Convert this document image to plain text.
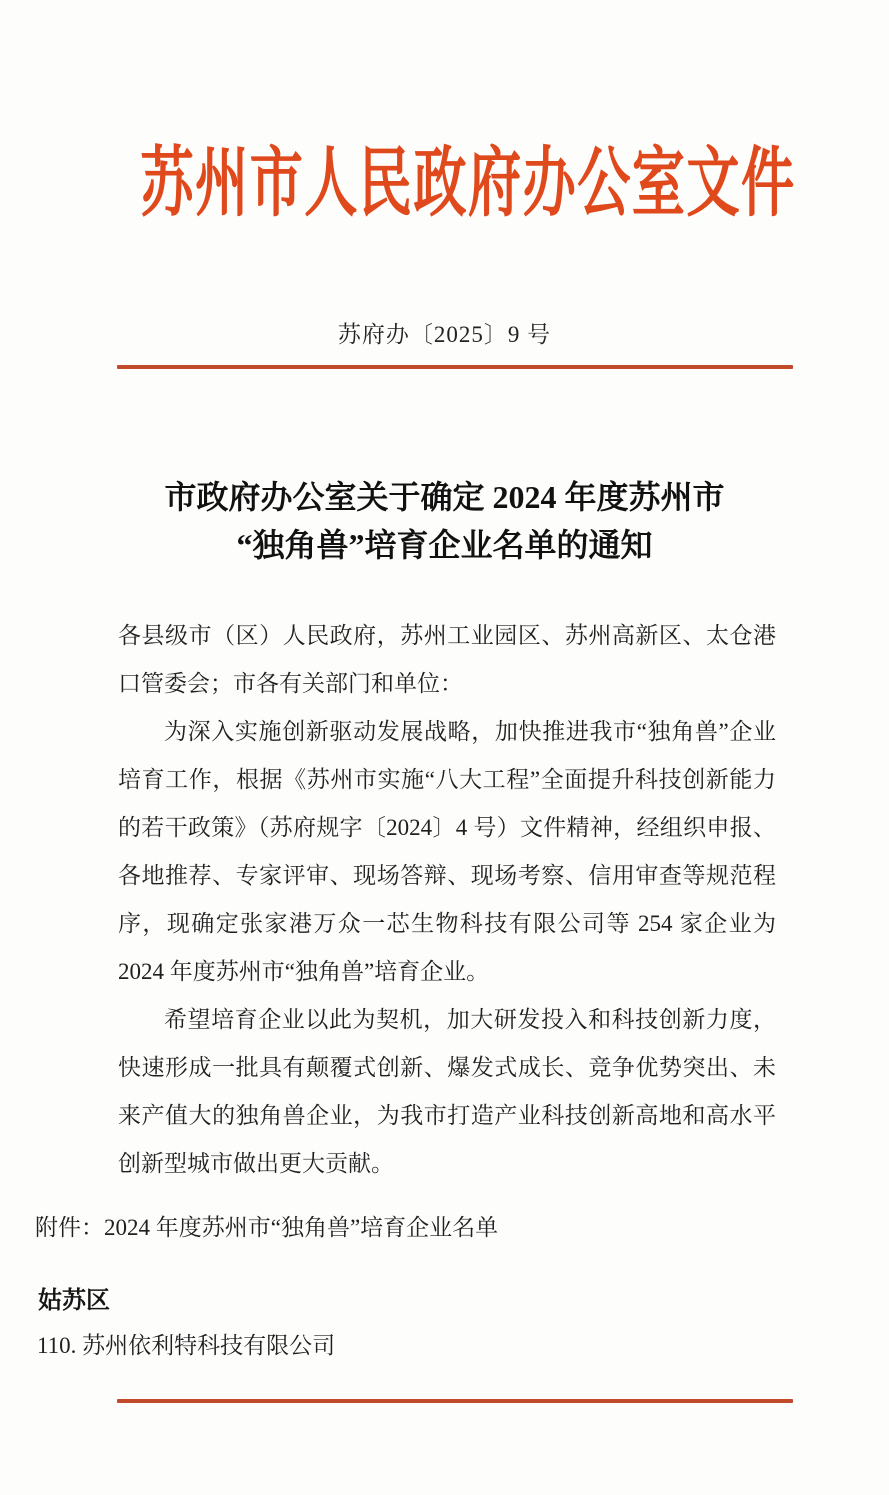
苏州市人民政府办公室文件
苏府办〔2025〕9 号
市政府办公室关于确定 2024 年度苏州市
“独角兽”培育企业名单的通知

各县级市（区）人民政府，苏州工业园区、苏州高新区、太仓港口管委会；市各有关部门和单位：

为深入实施创新驱动发展战略，加快推进我市“独角兽”企业培育工作，根据《苏州市实施“八大工程”全面提升科技创新能力的若干政策》（苏府规字〔2024〕4 号）文件精神，经组织申报、各地推荐、专家评审、现场答辩、现场考察、信用审查等规范程序，现确定张家港万众一芯生物科技有限公司等 254 家企业为 2024 年度苏州市“独角兽”培育企业。

希望培育企业以此为契机，加大研发投入和科技创新力度，快速形成一批具有颠覆式创新、爆发式成长、竞争优势突出、未来产值大的独角兽企业，为我市打造产业科技创新高地和高水平创新型城市做出更大贡献。

附件：2024 年度苏州市“独角兽”培育企业名单
姑苏区
110. 苏州依利特科技有限公司
